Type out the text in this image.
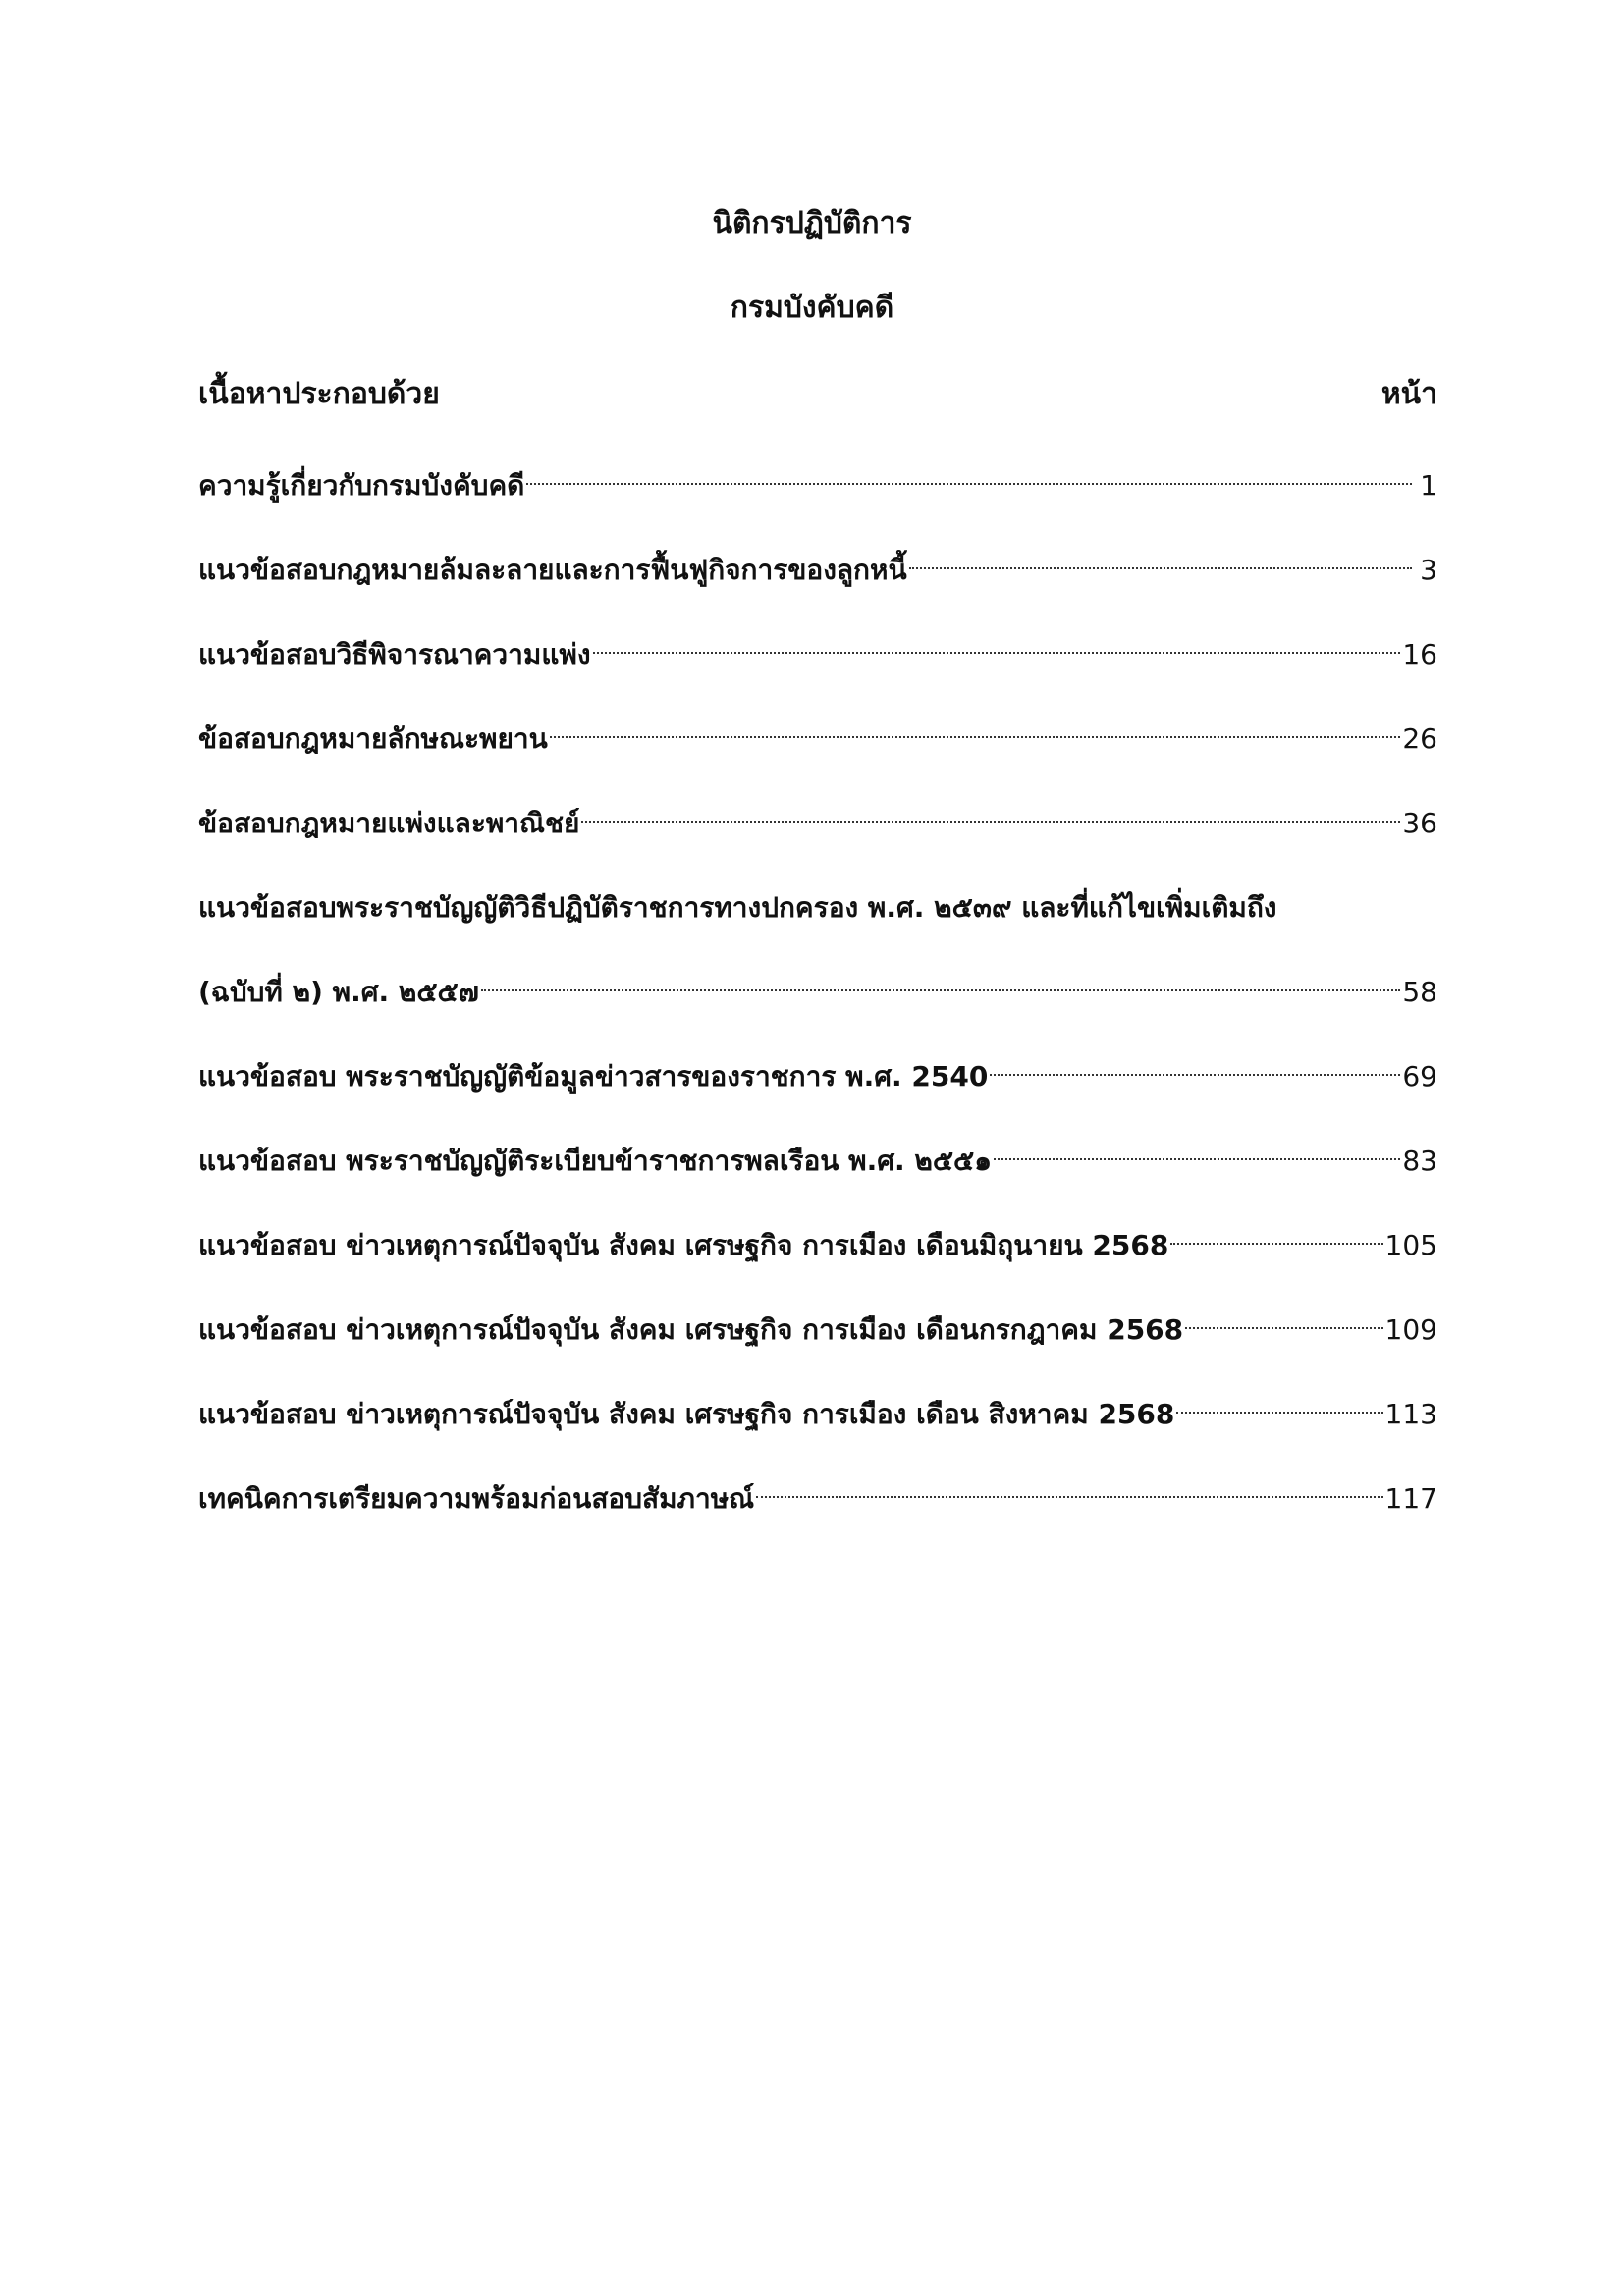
นิติกรปฏิบัติการ
กรมบังคับคดี
เนื้อหาประกอบด้วย	หน้า
ความรู้เกี่ยวกับกรมบังคับคดี	1
แนวข้อสอบกฎหมายล้มละลายและการฟื้นฟูกิจการของลูกหนี้	3
แนวข้อสอบวิธีพิจารณาความแพ่ง	16
ข้อสอบกฎหมายลักษณะพยาน	26
ข้อสอบกฎหมายแพ่งและพาณิชย์	36
แนวข้อสอบพระราชบัญญัติวิธีปฏิบัติราชการทางปกครอง พ.ศ. ๒๕๓๙ และที่แก้ไขเพิ่มเติมถึง
(ฉบับที่ ๒) พ.ศ. ๒๕๕๗	58
แนวข้อสอบ พระราชบัญญัติข้อมูลข่าวสารของราชการ พ.ศ. 2540	69
แนวข้อสอบ พระราชบัญญัติระเบียบข้าราชการพลเรือน พ.ศ. ๒๕๕๑	83
แนวข้อสอบ ข่าวเหตุการณ์ปัจจุบัน สังคม เศรษฐกิจ การเมือง เดือนมิถุนายน 2568	105
แนวข้อสอบ ข่าวเหตุการณ์ปัจจุบัน สังคม เศรษฐกิจ การเมือง เดือนกรกฎาคม 2568	109
แนวข้อสอบ ข่าวเหตุการณ์ปัจจุบัน สังคม เศรษฐกิจ การเมือง เดือน สิงหาคม 2568	113
เทคนิคการเตรียมความพร้อมก่อนสอบสัมภาษณ์	117
